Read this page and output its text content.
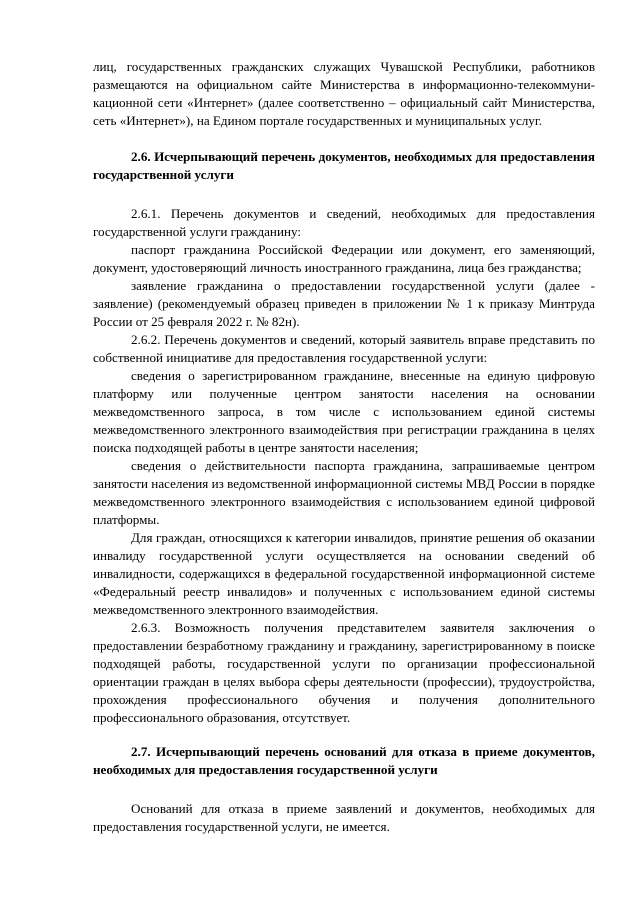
лиц, государственных гражданских служащих Чувашской Республики, работников размещаются на официальном сайте Министерства в информационно-телекоммуни-кационной сети «Интернет» (далее соответственно – официальный сайт Министерства, сеть «Интернет»), на Едином портале государственных и муниципальных услуг.

2.6. Исчерпывающий перечень документов, необходимых для предоставления государственной услуги

2.6.1. Перечень документов и сведений, необходимых для предоставления государственной услуги гражданину:

паспорт гражданина Российской Федерации или документ, его заменяющий, документ, удостоверяющий личность иностранного гражданина, лица без гражданства;

заявление гражданина о предоставлении государственной услуги (далее - заявление) (рекомендуемый образец приведен в приложении № 1 к приказу Минтруда России от 25 февраля 2022 г. № 82н).

2.6.2. Перечень документов и сведений, который заявитель вправе представить по собственной инициативе для предоставления государственной услуги:

сведения о зарегистрированном гражданине, внесенные на единую цифровую платформу или полученные центром занятости населения на основании межведомственного запроса, в том числе с использованием единой системы межведомственного электронного взаимодействия при регистрации гражданина в целях поиска подходящей работы в центре занятости населения;

сведения о действительности паспорта гражданина, запрашиваемые центром занятости населения из ведомственной информационной системы МВД России в порядке межведомственного электронного взаимодействия с использованием единой цифровой платформы.

Для граждан, относящихся к категории инвалидов, принятие решения об оказании инвалиду государственной услуги осуществляется на основании сведений об инвалидности, содержащихся в федеральной государственной информационной системе «Федеральный реестр инвалидов» и полученных с использованием единой системы межведомственного электронного взаимодействия.

2.6.3. Возможность получения представителем заявителя заключения о предоставлении безработному гражданину и гражданину, зарегистрированному в поиске подходящей работы, государственной услуги по организации профессиональной ориентации граждан в целях выбора сферы деятельности (профессии), трудоустройства, прохождения профессионального обучения и получения дополнительного профессионального образования, отсутствует.

2.7. Исчерпывающий перечень оснований для отказа в приеме документов, необходимых для предоставления государственной услуги

Оснований для отказа в приеме заявлений и документов, необходимых для предоставления государственной услуги, не имеется.
